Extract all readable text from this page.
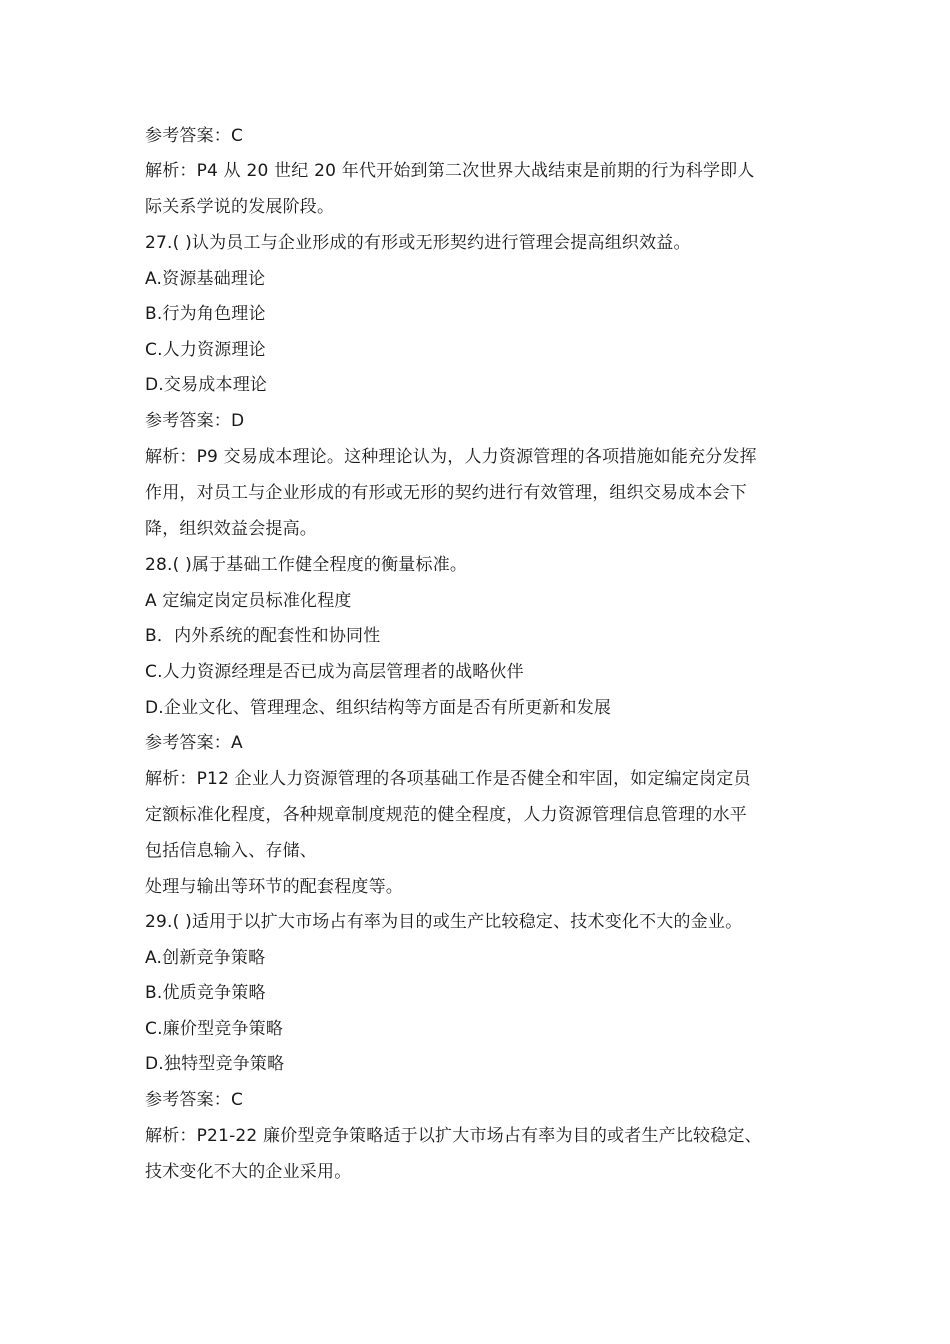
参考答案：C
解析：P4 从 20 世纪 20 年代开始到第二次世界大战结束是前期的行为科学即人
际关系学说的发展阶段。
27.( )认为员工与企业形成的有形或无形契约进行管理会提高组织效益。
A.资源基础理论
B.行为角色理论
C.人力资源理论
D.交易成本理论
参考答案：D
解析：P9 交易成本理论。这种理论认为，人力资源管理的各项措施如能充分发挥
作用，对员工与企业形成的有形或无形的契约进行有效管理，组织交易成本会下
降，组织效益会提高。
28.( )属于基础工作健全程度的衡量标准。
A 定编定岗定员标准化程度
B．内外系统的配套性和协同性
C.人力资源经理是否已成为高层管理者的战略伙伴
D.企业文化、管理理念、组织结构等方面是否有所更新和发展
参考答案：A
解析：P12 企业人力资源管理的各项基础工作是否健全和牢固，如定编定岗定员
定额标准化程度，各种规章制度规范的健全程度，人力资源管理信息管理的水平
包括信息输入、存储、
处理与输出等环节的配套程度等。
29.( )适用于以扩大市场占有率为目的或生产比较稳定、技术变化不大的金业。
A.创新竞争策略
B.优质竞争策略
C.廉价型竞争策略
D.独特型竞争策略
参考答案：C
解析：P21-22 廉价型竞争策略适于以扩大市场占有率为目的或者生产比较稳定、
技术变化不大的企业采用。
